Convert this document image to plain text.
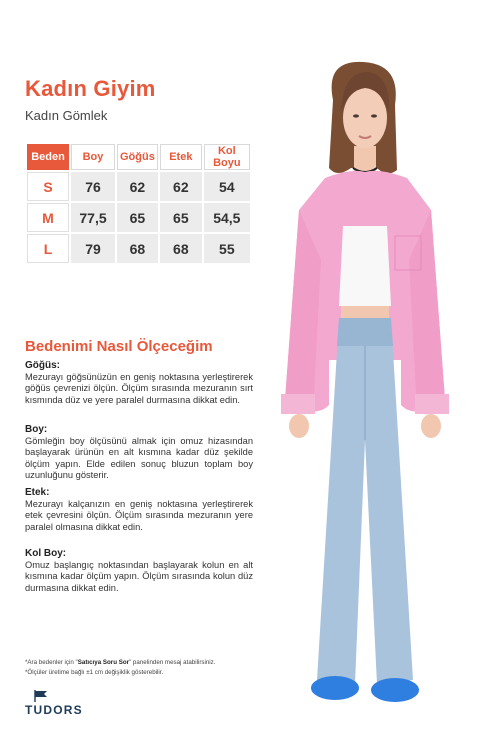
Kadın Giyim
Kadın Gömlek
Beden	Boy	Göğüs	Etek	Kol Boyu
S	76	62	62	54
M	77,5	65	65	54,5
L	79	68	68	55
Bedenimi Nasıl Ölçeceğim
Göğüs:

Mezurayı göğsünüzün en geniş noktasına yerleştirerek göğüs çevrenizi ölçün. Ölçüm sırasında mezuranın sırt kısmında düz ve yere paralel durmasına dikkat edin.

Boy:

Gömleğin boy ölçüsünü almak için omuz hizasından başlayarak ürünün en alt kısmına kadar düz şekilde ölçüm yapın. Elde edilen sonuç bluzun toplam boy uzunluğunu gösterir.

Etek:

Mezurayı kalçanızın en geniş noktasına yerleştirerek etek çevresini ölçün. Ölçüm sırasında mezuranın yere paralel olmasına dikkat edin.

Kol Boy:

Omuz başlangıç noktasından başlayarak kolun en alt kısmına kadar ölçüm yapın. Ölçüm sırasında kolun düz durmasına dikkat edin.

*Ara bedenler için "Satıcıya Soru Sor" panelinden mesaj atabilirsiniz.
*Ölçüler üretime bağlı ±1 cm değişiklik gösterebilir.
TUDORS
